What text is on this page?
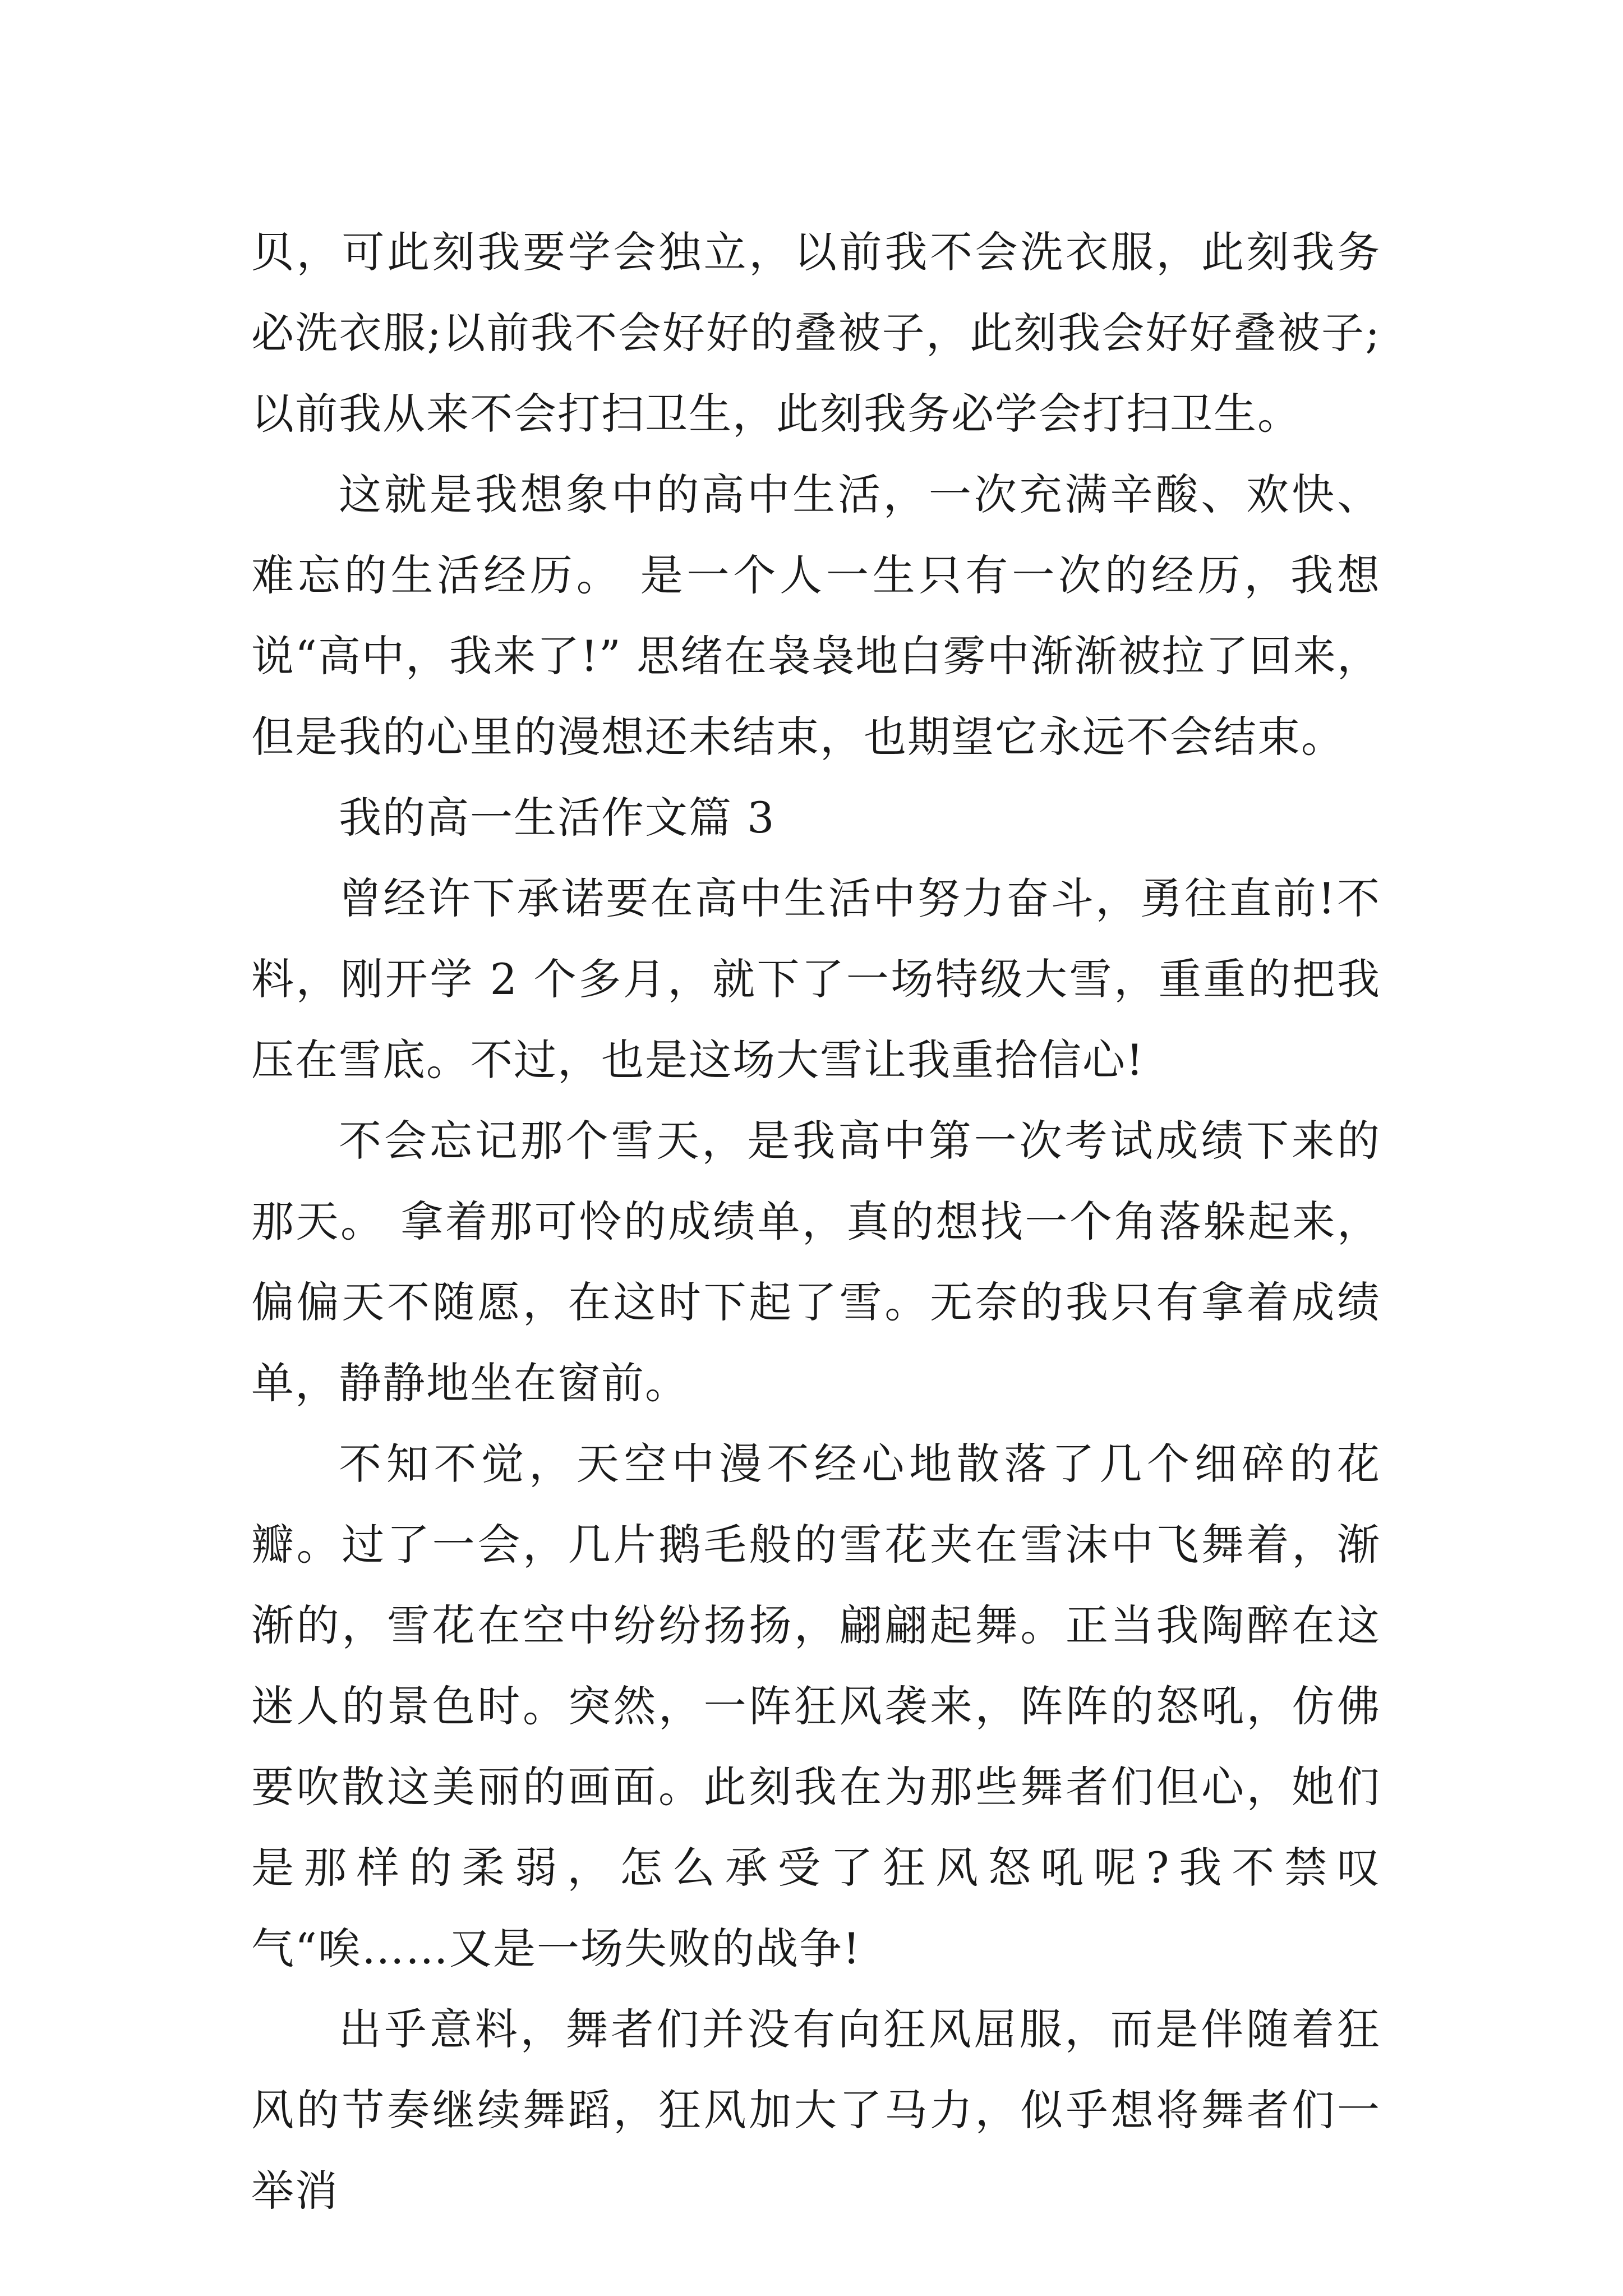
贝，可此刻我要学会独立，以前我不会洗衣服，此刻我务必洗衣服;以前我不会好好的叠被子，此刻我会好好叠被子;以前我从来不会打扫卫生，此刻我务必学会打扫卫生。

这就是我想象中的高中生活，一次充满辛酸、欢快、难忘的生活经历。 是一个人一生只有一次的经历，我想说“高中，我来了!” 思绪在袅袅地白雾中渐渐被拉了回来，但是我的心里的漫想还未结束，也期望它永远不会结束。

我的高一生活作文篇 3

曾经许下承诺要在高中生活中努力奋斗，勇往直前!不料，刚开学 2 个多月，就下了一场特级大雪，重重的把我压在雪底。不过，也是这场大雪让我重拾信心!

不会忘记那个雪天，是我高中第一次考试成绩下来的那天。 拿着那可怜的成绩单，真的想找一个角落躲起来，偏偏天不随愿，在这时下起了雪。无奈的我只有拿着成绩单，静静地坐在窗前。

不知不觉，天空中漫不经心地散落了几个细碎的花瓣。过了一会，几片鹅毛般的雪花夹在雪沫中飞舞着，渐渐的，雪花在空中纷纷扬扬，翩翩起舞。正当我陶醉在这迷人的景色时。突然，一阵狂风袭来，阵阵的怒吼，仿佛要吹散这美丽的画面。此刻我在为那些舞者们但心，她们是那样的柔弱，怎么承受了狂风怒吼呢?我不禁叹气“唉……又是一场失败的战争!

出乎意料，舞者们并没有向狂风屈服，而是伴随着狂风的节奏继续舞蹈，狂风加大了马力，似乎想将舞者们一举消
